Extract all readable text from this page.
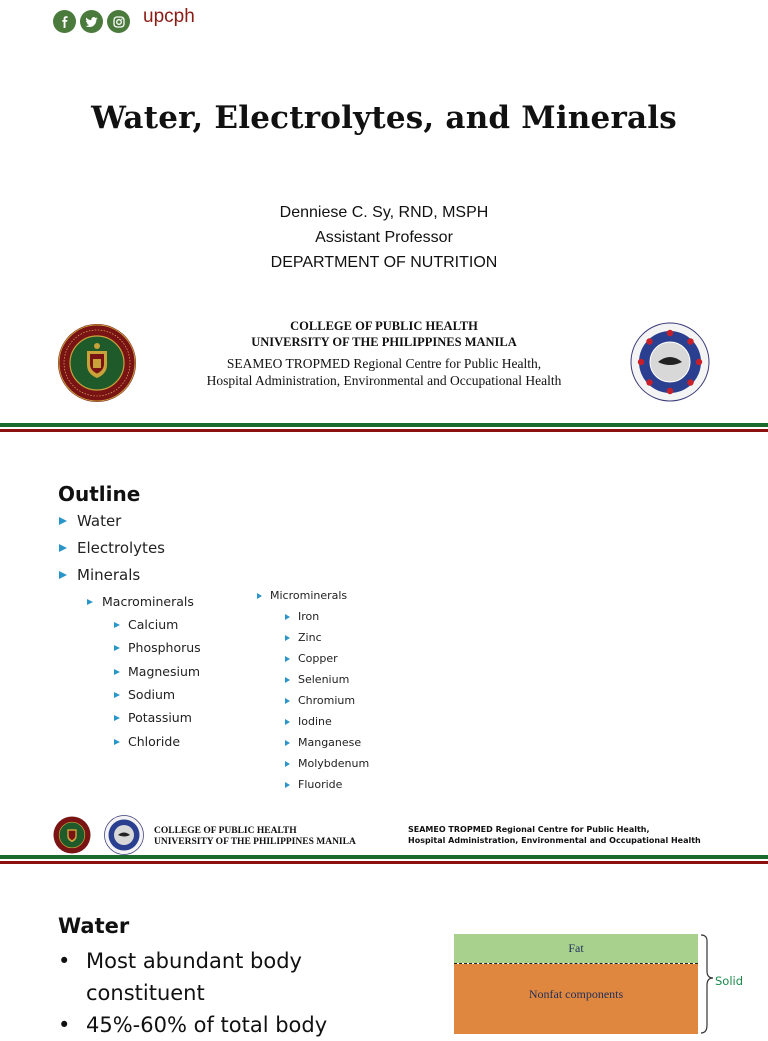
upcph
Water, Electrolytes, and Minerals
Denniese C. Sy, RND, MSPH
Assistant Professor
DEPARTMENT OF NUTRITION
COLLEGE OF PUBLIC HEALTH
UNIVERSITY OF THE PHILIPPINES MANILA
SEAMEO TROPMED Regional Centre for Public Health,
Hospital Administration, Environmental and Occupational Health
Outline
Water
Electrolytes
Minerals
Macrominerals
Calcium
Phosphorus
Magnesium
Sodium
Potassium
Chloride
Microminerals
Iron
Zinc
Copper
Selenium
Chromium
Iodine
Manganese
Molybdenum
Fluoride
COLLEGE OF PUBLIC HEALTH
UNIVERSITY OF THE PHILIPPINES MANILA
SEAMEO TROPMED Regional Centre for Public Health,
Hospital Administration, Environmental and Occupational Health
Water
• Most abundant body
constituent
• 45%-60% of total body
Fat
Nonfat components
Solid
